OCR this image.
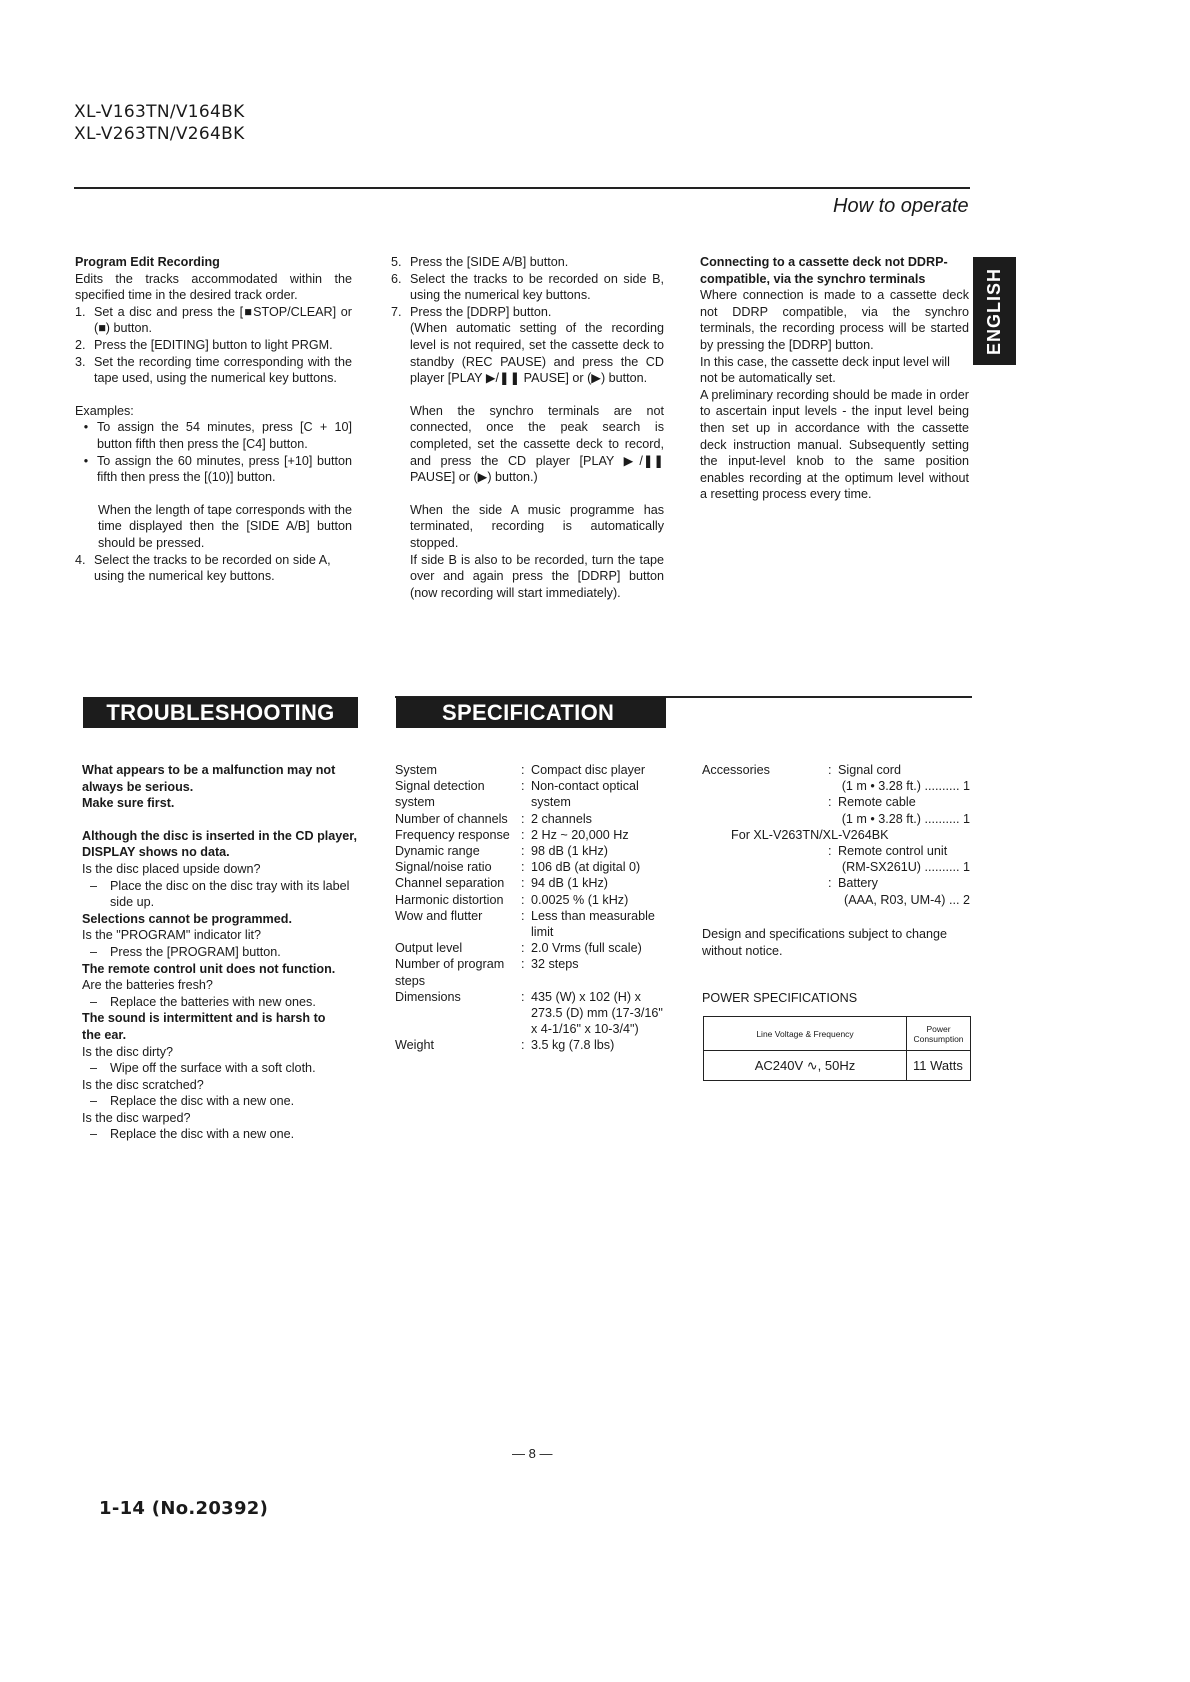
XL-V163TN/V164BK
XL-V263TN/V264BK
How to operate
ENGLISH

Program Edit Recording

Edits the tracks accommodated within the specified time in the desired track order.

1. Set a disc and press the [■STOP/CLEAR] or (■) button.
2. Press the [EDITING] button to light PRGM.
3. Set the recording time corresponding with the tape used, using the numerical key buttons.

Examples:

• To assign the 54 minutes, press [C + 10] button fifth then press the [C4] button.
• To assign the 60 minutes, press [+10] button fifth then press the [(10)] button.

When the length of tape corresponds with the time displayed then the [SIDE A/B] button should be pressed.

4. Select the tracks to be recorded on side A, using the numerical key buttons.
5. Press the [SIDE A/B] button.
6. Select the tracks to be recorded on side B, using the numerical key buttons.
7. Press the [DDRP] button.

(When automatic setting of the recording level is not required, set the cassette deck to standby (REC PAUSE) and press the CD player [PLAY ▶/❚❚ PAUSE] or (▶) button.

When the synchro terminals are not connected, once the peak search is completed, set the cassette deck to record, and press the CD player [PLAY ▶/❚❚ PAUSE] or (▶) button.)

When the side A music programme has terminated, recording is automatically stopped.

If side B is also to be recorded, turn the tape over and again press the [DDRP] button (now recording will start immediately).

Connecting to a cassette deck not DDRP-compatible, via the synchro terminals

Where connection is made to a cassette deck not DDRP compatible, via the synchro terminals, the recording process will be started by pressing the [DDRP] button.

In this case, the cassette deck input level will not be automatically set.

A preliminary recording should be made in order to ascertain input levels - the input level being then set up in accordance with the cassette deck instruction manual. Subsequently setting the input-level knob to the same position enables recording at the optimum level without a resetting process every time.

TROUBLESHOOTING	SPECIFICATION

What appears to be a malfunction may not always be serious.

Make sure first.

Although the disc is inserted in the CD player, DISPLAY shows no data.

Is the disc placed upside down?

–	Place the disc on the disc tray with its label side up.

Selections cannot be programmed.

Is the "PROGRAM" indicator lit?

–	Press the [PROGRAM] button.

The remote control unit does not function.

Are the batteries fresh?

–	Replace the batteries with new ones.

The sound is intermittent and is harsh to the ear.

Is the disc dirty?

–	Wipe off the surface with a soft cloth.

Is the disc scratched?

–	Replace the disc with a new one.

Is the disc warped?

–	Replace the disc with a new one.
System	: Compact disc player
Signal detection system
: Non-contact optical system
Number of channels	: 2 channels
Frequency response : 2 Hz ~ 20,000 Hz
Dynamic range	: 98 dB (1 kHz)
Signal/noise ratio	: 106 dB (at digital 0)
Channel separation	: 94 dB (1 kHz)
Harmonic distortion	: 0.0025 % (1 kHz)
Wow and flutter	: Less than measurable limit
Output level	: 2.0 Vrms (full scale)
Number of program steps
: 32 steps
Dimensions	: 435 (W) x 102 (H) x 273.5 (D) mm (17-3/16" x 4-1/16" x 10-3/4")
Weight	: 3.5 kg (7.8 lbs)
Accessories	: Signal cord
(1 m • 3.28 ft.) .......... 1
: Remote cable
(1 m • 3.28 ft.) .......... 1
For XL-V263TN/XL-V264BK
: Remote control unit
(RM-SX261U) .......... 1
: Battery
(AAA, R03, UM-4) ... 2
Design and specifications subject to change without notice.
POWER SPECIFICATIONS
Line Voltage & Frequency	Power Consumption
AC240V ∿, 50Hz	11 Watts
— 8 —
1-14 (No.20392)
